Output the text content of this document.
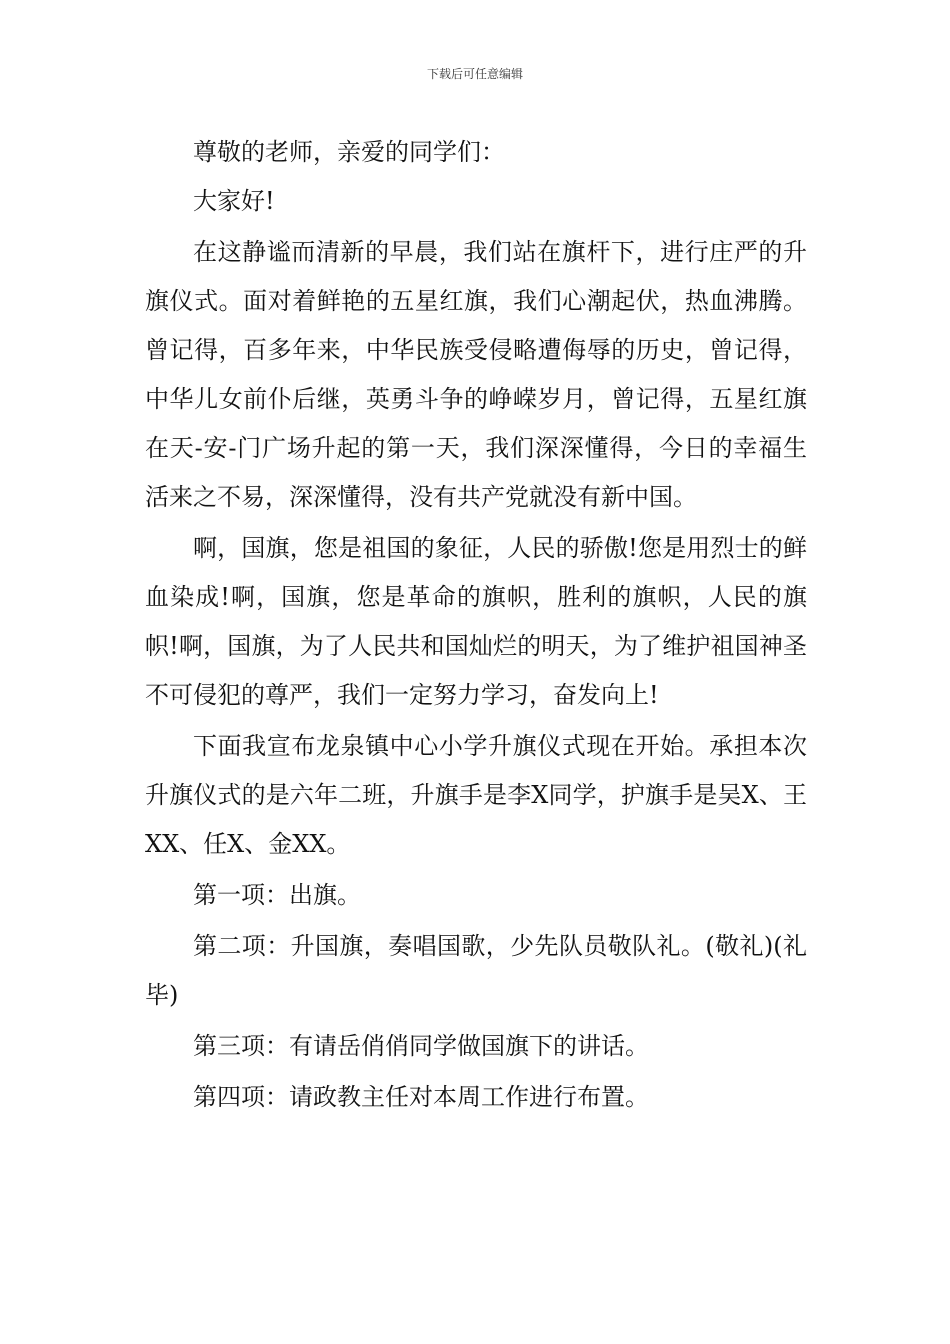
下载后可任意编辑

尊敬的老师，亲爱的同学们：

大家好!

在这静谧而清新的早晨，我们站在旗杆下，进行庄严的升旗仪式。面对着鲜艳的五星红旗，我们心潮起伏，热血沸腾。曾记得，百多年来，中华民族受侵略遭侮辱的历史，曾记得，中华儿女前仆后继，英勇斗争的峥嵘岁月，曾记得，五星红旗在天-安-门广场升起的第一天，我们深深懂得，今日的幸福生活来之不易，深深懂得，没有共产党就没有新中国。

啊，国旗，您是祖国的象征，人民的骄傲!您是用烈士的鲜血染成!啊，国旗，您是革命的旗帜，胜利的旗帜，人民的旗帜!啊，国旗，为了人民共和国灿烂的明天，为了维护祖国神圣不可侵犯的尊严，我们一定努力学习，奋发向上!

下面我宣布龙泉镇中心小学升旗仪式现在开始。承担本次升旗仪式的是六年二班，升旗手是李X同学，护旗手是吴X、王XX、任X、金XX。

第一项：出旗。

第二项：升国旗，奏唱国歌，少先队员敬队礼。(敬礼)(礼毕)

第三项：有请岳俏俏同学做国旗下的讲话。

第四项：请政教主任对本周工作进行布置。
